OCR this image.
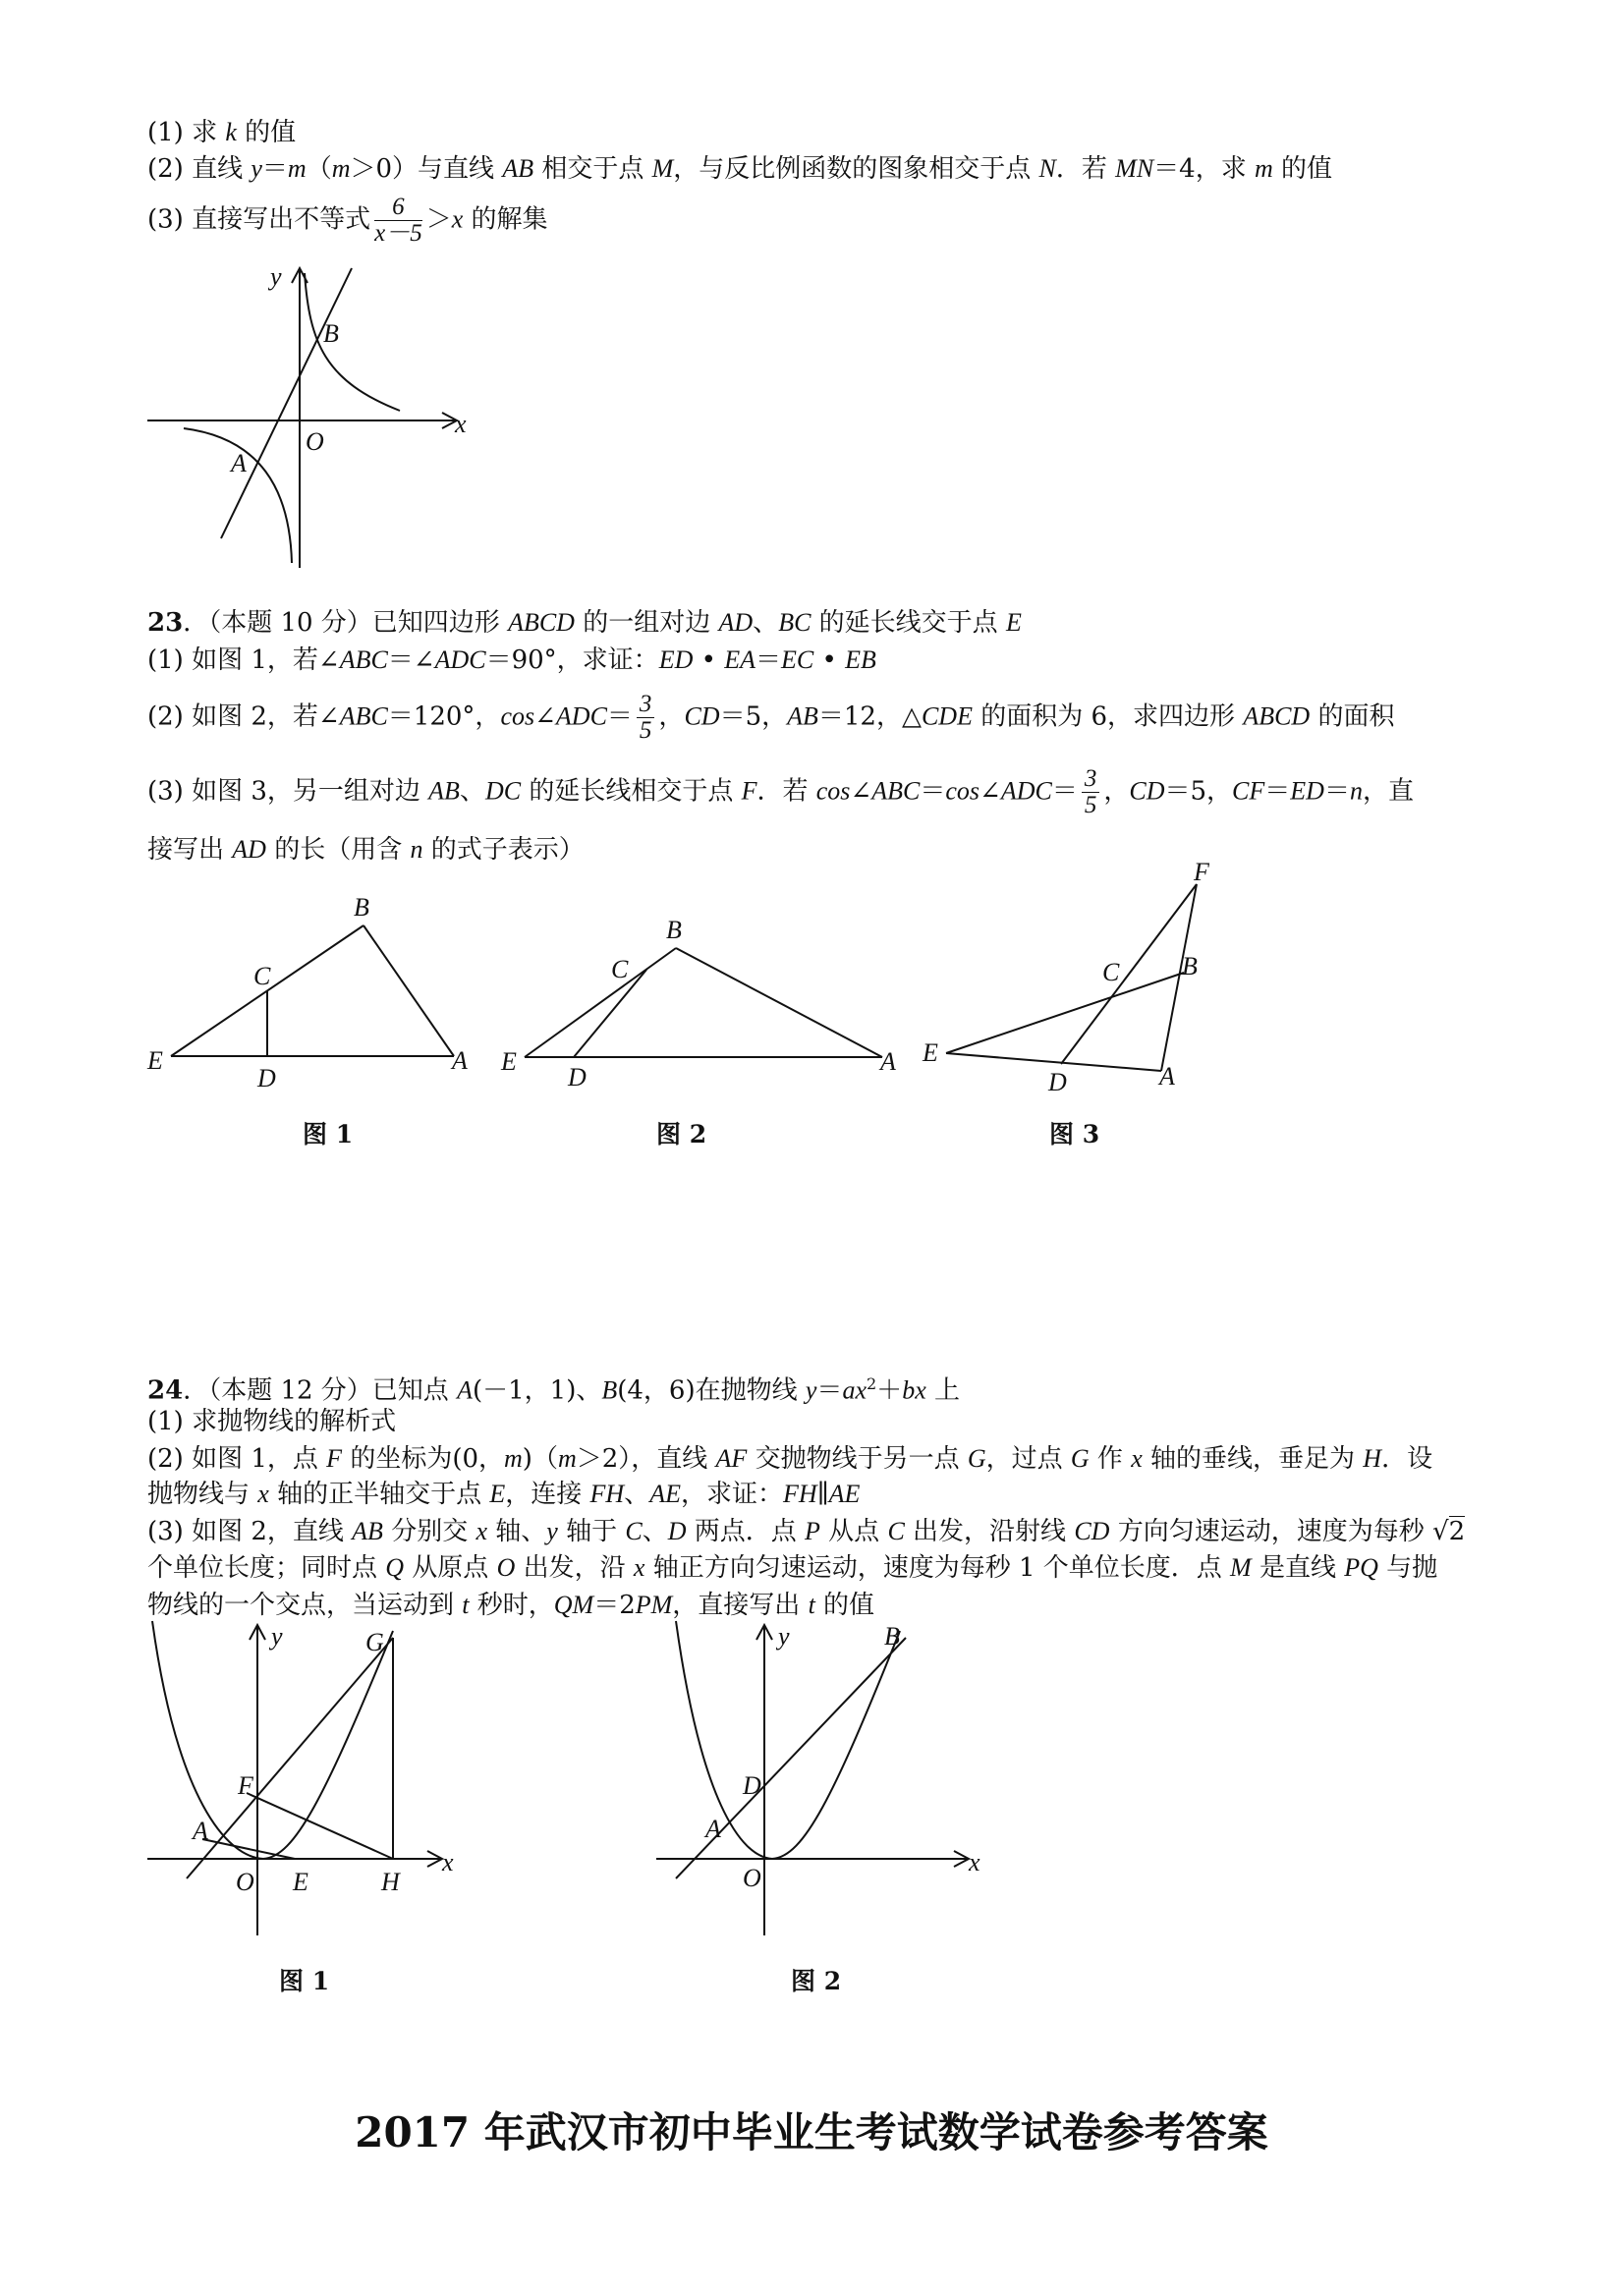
(1) 求 k 的值
(2) 直线 y＝m（m＞0）与直线 AB 相交于点 M，与反比例函数的图象相交于点 N．若 MN＝4，求 m 的值
(3) 直接写出不等式 $\frac{6}{x-5} >x$ 的解集
y
x
B
O
A
23．（本题 10 分）已知四边形 ABCD 的一组对边 AD、BC 的延长线交于点 E
(1) 如图 1，若∠ABC＝∠ADC＝90°，求证：ED • EA＝EC • EB
(2) 如图 2，若∠ABC＝120°，cos∠ADC＝ $\frac{3}{5}$ ，CD＝5，AB＝12，△CDE 的面积为 6，求四边形 ABCD 的面积
(3) 如图 3，另一组对边 AB、DC 的延长线相交于点 F．若 cos∠ABC＝cos∠ADC＝ $\frac{3}{5}$ ，CD＝5，CF＝ED＝n，直
接写出 AD 的长（用含 n 的式子表示）
B
C
E
D
A
图 1
B
C
E
D
A
图 2
F
C B
E
D	A
图 3
24．（本题 12 分）已知点 A(－1，1)、B(4，6)在抛物线 $y=ax^2+bx$ 上
(1) 求抛物线的解析式
(2) 如图 1，点 F 的坐标为(0，m)（m＞2），直线 AF 交抛物线于另一点 G，过点 G 作 x 轴的垂线，垂足为 H．设
抛物线与 x 轴的正半轴交于点 E，连接 FH、AE，求证：FH∥AE
(3) 如图 2，直线 AB 分别交 x 轴、y 轴于 C、D 两点．点 P 从点 C 出发，沿射线 CD 方向匀速运动，速度为每秒 √2
个单位长度；同时点 Q 从原点 O 出发，沿 x 轴正方向匀速运动，速度为每秒 1 个单位长度．点 M 是直线 PQ 与抛
物线的一个交点，当运动到 t 秒时，QM＝2PM，直接写出 t 的值
y	G
F
A
x
O E	H
图 1
y	B
D
A
x
O
图 2
2017 年武汉市初中毕业生考试数学试卷参考答案
